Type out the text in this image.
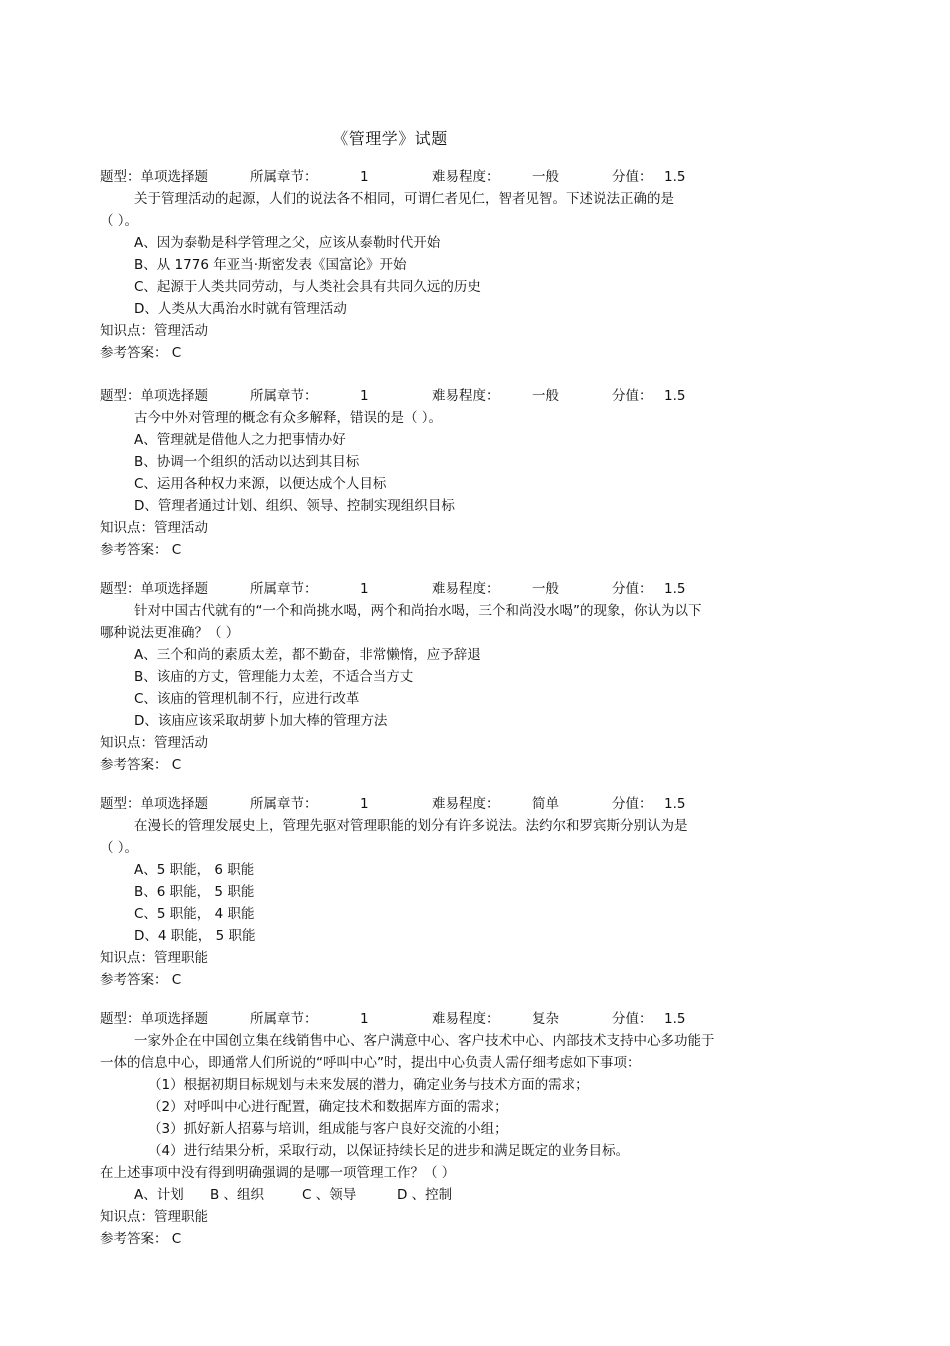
《管理学》试题
题型：单项选择题	所属章节：	1	难易程度： 一般	分值： 1.5
关于管理活动的起源，人们的说法各不相同，可谓仁者见仁，智者见智。下述说法正确的是
（ ）。
A、因为泰勒是科学管理之父，应该从泰勒时代开始
B、从 1776 年亚当·斯密发表《国富论》开始
C、起源于人类共同劳动，与人类社会具有共同久远的历史
D、人类从大禹治水时就有管理活动
知识点：管理活动
参考答案： C
题型：单项选择题	所属章节：	1	难易程度： 一般	分值： 1.5
古今中外对管理的概念有众多解释，错误的是（ ）。
A、管理就是借他人之力把事情办好
B、协调一个组织的活动以达到其目标
C、运用各种权力来源，以便达成个人目标
D、管理者通过计划、组织、领导、控制实现组织目标
知识点：管理活动
参考答案： C
题型：单项选择题	所属章节：	1	难易程度： 一般	分值： 1.5
针对中国古代就有的“一个和尚挑水喝，两个和尚抬水喝，三个和尚没水喝”的现象，你认为以下
哪种说法更准确？（ ）
A、三个和尚的素质太差，都不勤奋，非常懒惰，应予辞退
B、该庙的方丈，管理能力太差，不适合当方丈
C、该庙的管理机制不行，应进行改革
D、该庙应该采取胡萝卜加大棒的管理方法
知识点：管理活动
参考答案： C
题型：单项选择题	所属章节：	1	难易程度： 简单	分值： 1.5
在漫长的管理发展史上，管理先驱对管理职能的划分有许多说法。法约尔和罗宾斯分别认为是
（ ）。
A、5 职能， 6 职能
B、6 职能， 5 职能
C、5 职能， 4 职能
D、4 职能， 5 职能
知识点：管理职能
参考答案： C
题型：单项选择题	所属章节：	1	难易程度： 复杂	分值： 1.5
一家外企在中国创立集在线销售中心、客户满意中心、客户技术中心、内部技术支持中心多功能于
一体的信息中心，即通常人们所说的“呼叫中心”时，提出中心负责人需仔细考虑如下事项：
（1）根据初期目标规划与未来发展的潜力，确定业务与技术方面的需求；
（2）对呼叫中心进行配置，确定技术和数据库方面的需求；
（3）抓好新人招募与培训，组成能与客户良好交流的小组；
（4）进行结果分析，采取行动，以保证持续长足的进步和满足既定的业务目标。
在上述事项中没有得到明确强调的是哪一项管理工作？（ ）
A、计划 B 、组织	C 、领导	D 、控制
知识点：管理职能
参考答案： C
